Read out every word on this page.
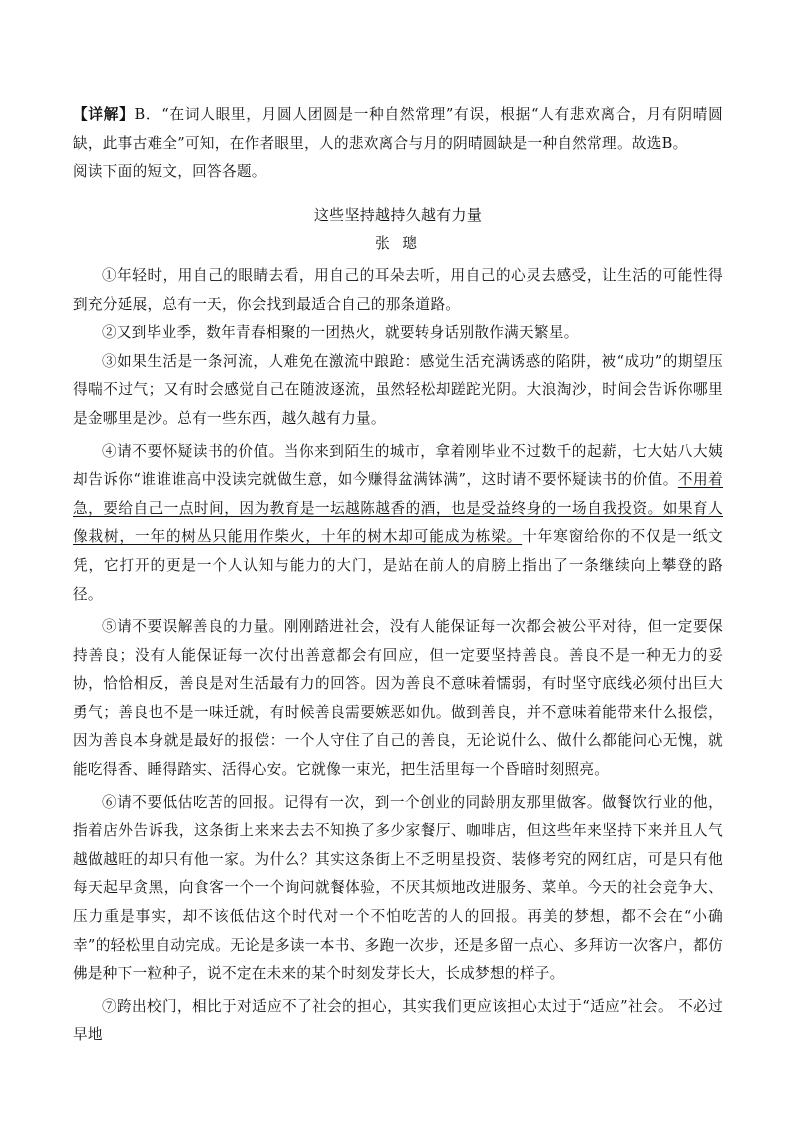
【详解】B．“在词人眼里，月圆人团圆是一种自然常理”有误，根据“人有悲欢离合，月有阴晴圆缺，此事古难全”可知，在作者眼里，人的悲欢离合与月的阴晴圆缺是一种自然常理。故选B。

阅读下面的短文，回答各题。

这些坚持越持久越有力量

张 璁

①年轻时，用自己的眼睛去看，用自己的耳朵去听，用自己的心灵去感受，让生活的可能性得到充分延展，总有一天，你会找到最适合自己的那条道路。

②又到毕业季，数年青春相聚的一团热火，就要转身话别散作满天繁星。

③如果生活是一条河流，人难免在激流中踉跄：感觉生活充满诱惑的陷阱，被“成功”的期望压得喘不过气；又有时会感觉自己在随波逐流，虽然轻松却蹉跎光阴。大浪淘沙，时间会告诉你哪里是金哪里是沙。总有一些东西，越久越有力量。

④请不要怀疑读书的价值。当你来到陌生的城市，拿着刚毕业不过数千的起薪，七大姑八大姨却告诉你“谁谁谁高中没读完就做生意，如今赚得盆满钵满”，这时请不要怀疑读书的价值。不用着急，要给自己一点时间，因为教育是一坛越陈越香的酒，也是受益终身的一场自我投资。如果育人像栽树，一年的树丛只能用作柴火，十年的树木却可能成为栋梁。十年寒窗给你的不仅是一纸文凭，它打开的更是一个人认知与能力的大门，是站在前人的肩膀上指出了一条继续向上攀登的路径。

⑤请不要误解善良的力量。刚刚踏进社会，没有人能保证每一次都会被公平对待，但一定要保持善良；没有人能保证每一次付出善意都会有回应，但一定要坚持善良。善良不是一种无力的妥协，恰恰相反，善良是对生活最有力的回答。因为善良不意味着懦弱，有时坚守底线必须付出巨大勇气；善良也不是一味迁就，有时候善良需要嫉恶如仇。做到善良，并不意味着能带来什么报偿，因为善良本身就是最好的报偿：一个人守住了自己的善良，无论说什么、做什么都能问心无愧，就能吃得香、睡得踏实、活得心安。它就像一束光，把生活里每一个昏暗时刻照亮。

⑥请不要低估吃苦的回报。记得有一次，到一个创业的同龄朋友那里做客。做餐饮行业的他，指着店外告诉我，这条街上来来去去不知换了多少家餐厅、咖啡店，但这些年来坚持下来并且人气越做越旺的却只有他一家。为什么？其实这条街上不乏明星投资、装修考究的网红店，可是只有他每天起早贪黑，向食客一个一个询问就餐体验，不厌其烦地改进服务、菜单。今天的社会竞争大、压力重是事实，却不该低估这个时代对一个不怕吃苦的人的回报。再美的梦想，都不会在“小确幸”的轻松里自动完成。无论是多读一本书、多跑一次步，还是多留一点心、多拜访一次客户，都仿佛是种下一粒种子，说不定在未来的某个时刻发芽长大，长成梦想的样子。

⑦跨出校门，相比于对适应不了社会的担心，其实我们更应该担心太过于“适应”社会。 不必过早地
